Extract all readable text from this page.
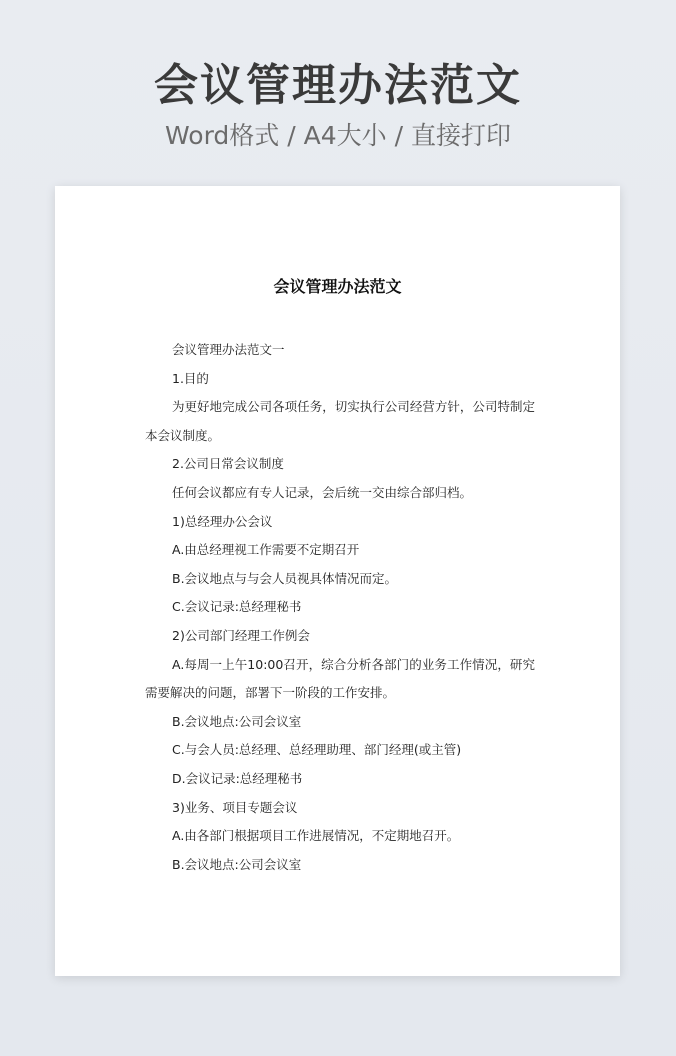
会议管理办法范文
Word格式 / A4大小 / 直接打印
会议管理办法范文

会议管理办法范文一

1.目的

为更好地完成公司各项任务，切实执行公司经营方针，公司特制定本会议制度。

2.公司日常会议制度

任何会议都应有专人记录，会后统一交由综合部归档。

1)总经理办公会议

A.由总经理视工作需要不定期召开

B.会议地点与与会人员视具体情况而定。

C.会议记录:总经理秘书

2)公司部门经理工作例会

A.每周一上午10:00召开，综合分析各部门的业务工作情况，研究需要解决的问题，部署下一阶段的工作安排。

B.会议地点:公司会议室

C.与会人员:总经理、总经理助理、部门经理(或主管)

D.会议记录:总经理秘书

3)业务、项目专题会议

A.由各部门根据项目工作进展情况，不定期地召开。

B.会议地点:公司会议室
